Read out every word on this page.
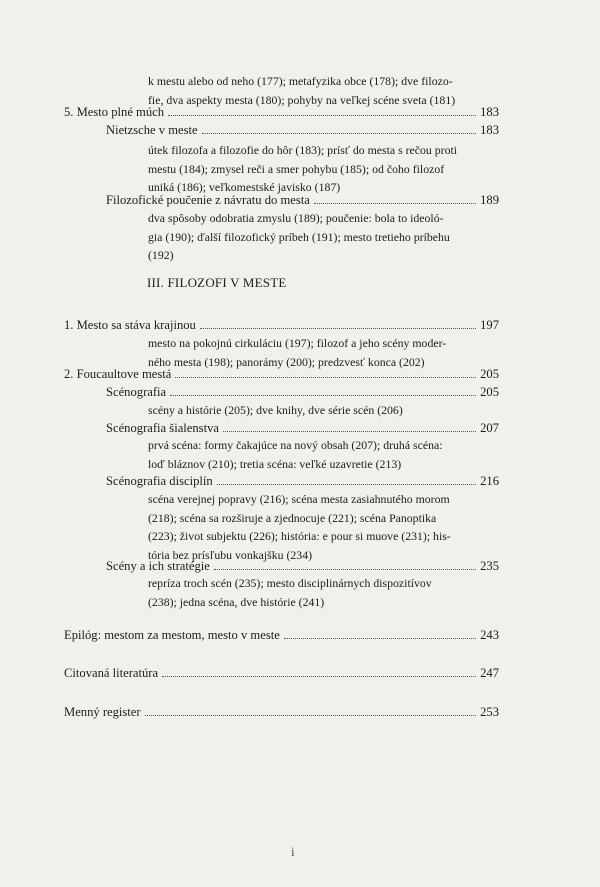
k mestu alebo od neho (177); metafyzika obce (178); dve filozo-
fie, dva aspekty mesta (180); pohyby na veľkej scéne sveta (181)
5. Mesto plné múch	183
Nietzsche v meste	183
útek filozofa a filozofie do hôr (183); prísť do mesta s rečou proti
mestu (184); zmysel reči a smer pohybu (185); od čoho filozof
uniká (186); veľkomestské javisko (187)
Filozofické poučenie z návratu do mesta	189
dva spôsoby odobratia zmyslu (189); poučenie: bola to ideoló-
gia (190); ďalší filozofický príbeh (191); mesto tretieho príbehu
(192)
III. FILOZOFI V MESTE
1. Mesto sa stáva krajinou	197
mesto na pokojnú cirkuláciu (197); filozof a jeho scény moder-
ného mesta (198); panorámy (200); predzvesť konca (202)
2. Foucaultove mestá	205
Scénografia	205
scény a histórie (205); dve knihy, dve série scén (206)
Scénografia šialenstva	207
prvá scéna: formy čakajúce na nový obsah (207); druhá scéna:
loď bláznov (210); tretia scéna: veľké uzavretie (213)
Scénografia disciplín	216
scéna verejnej popravy (216); scéna mesta zasiahnutého morom
(218); scéna sa rozširuje a zjednocuje (221); scéna Panoptika
(223); život subjektu (226); história: e pour si muove (231); his-
tória bez prísľubu vonkajšku (234)
Scény a ich stratégie	235
repríza troch scén (235); mesto disciplinárnych dispozitívov
(238); jedna scéna, dve histórie (241)
Epilóg: mestom za mestom, mesto v meste	243
Citovaná literatúra	247
Menný register	253
i
